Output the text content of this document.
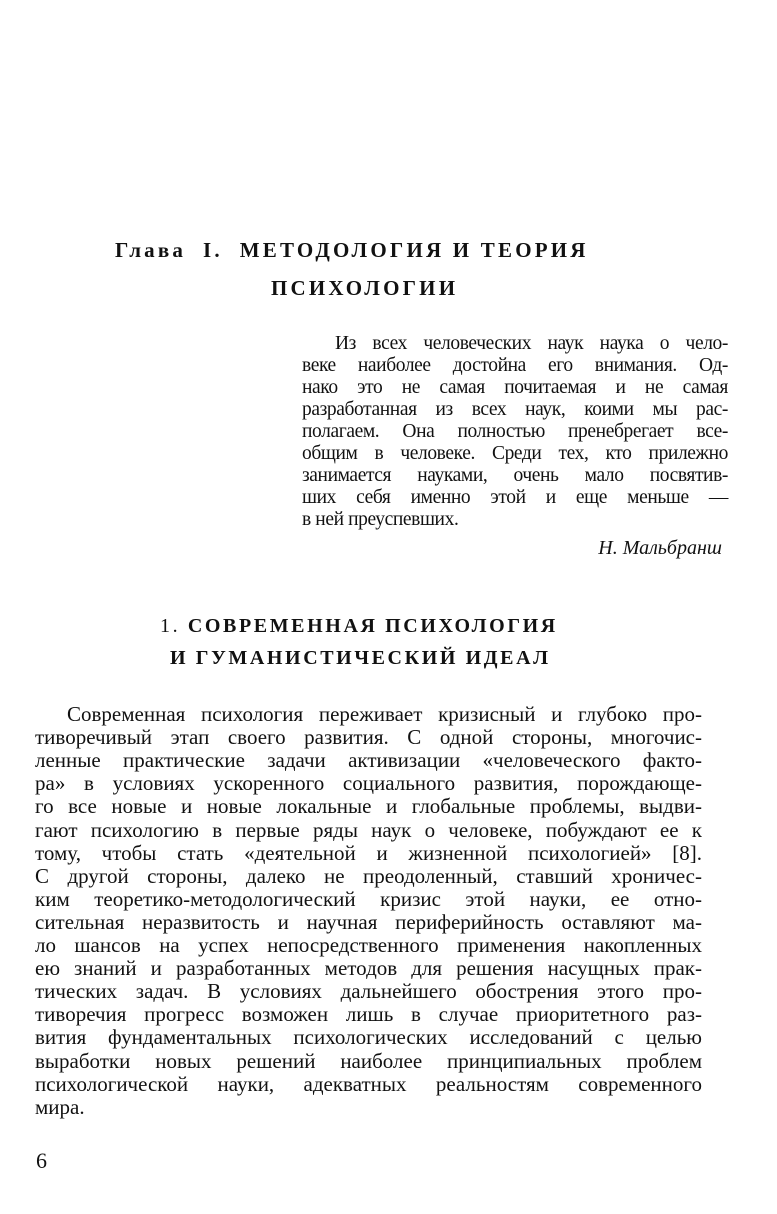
Глава  I.  МЕТОДОЛОГИЯ И ТЕОРИЯ
ПСИХОЛОГИИ
Из всех человеческих наук наука о чело-
веке наиболее достойна его внимания. Од-
нако это не самая почитаемая и не самая
разработанная из всех наук, коими мы рас-
полагаем. Она полностью пренебрегает все-
общим в человеке. Среди тех, кто прилежно
занимается науками, очень мало посвятив-
ших себя именно этой и еще меньше —
в ней преуспевших.
Н. Мальбранш
1. СОВРЕМЕННАЯ ПСИХОЛОГИЯ
И ГУМАНИСТИЧЕСКИЙ ИДЕАЛ
Современная психология переживает кризисный и глубоко про-
тиворечивый этап своего развития. С одной стороны, многочис-
ленные практические задачи активизации «человеческого факто-
ра» в условиях ускоренного социального развития, порождающе-
го все новые и новые локальные и глобальные проблемы, выдви-
гают психологию в первые ряды наук о человеке, побуждают ее к
тому, чтобы стать «деятельной и жизненной психологией» [8].
С другой стороны, далеко не преодоленный, ставший хроничес-
ким теоретико-методологический кризис этой науки, ее отно-
сительная неразвитость и научная периферийность оставляют ма-
ло шансов на успех непосредственного применения накопленных
ею знаний и разработанных методов для решения насущных прак-
тических задач. В условиях дальнейшего обострения этого про-
тиворечия прогресс возможен лишь в случае приоритетного раз-
вития фундаментальных психологических исследований с целью
выработки новых решений наиболее принципиальных проблем
психологической науки, адекватных реальностям современного
мира.
6
